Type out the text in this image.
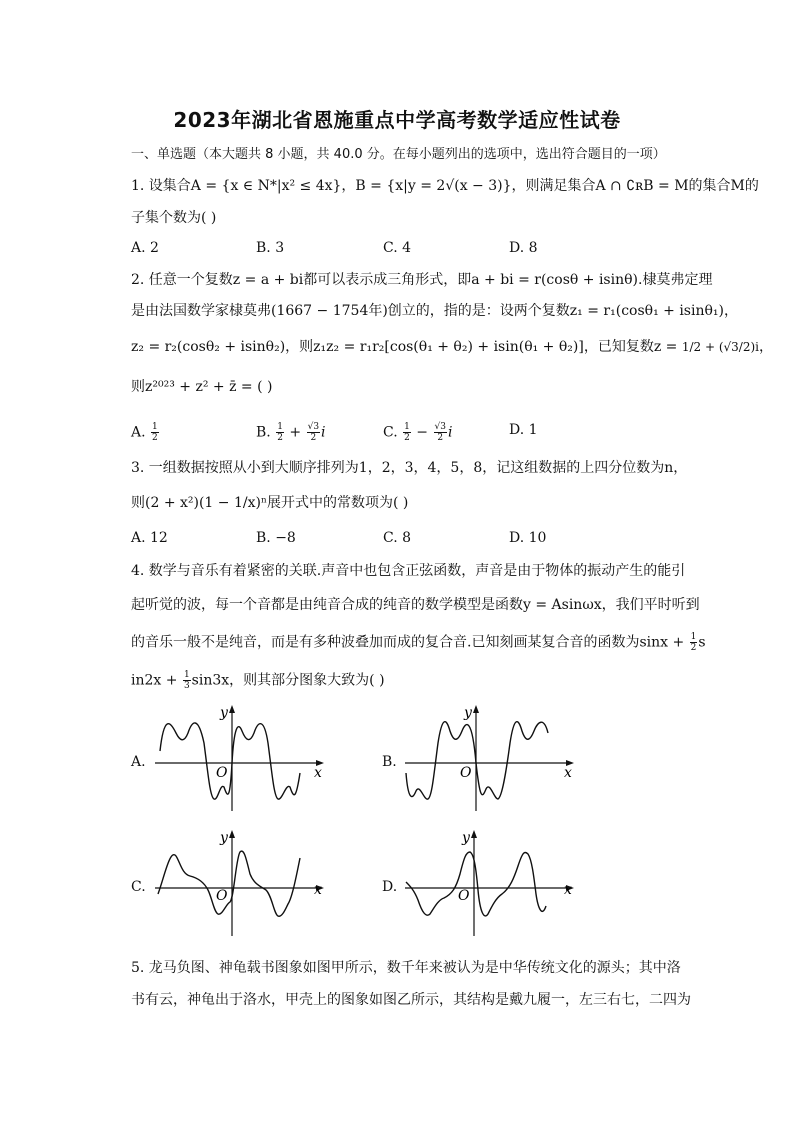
2023年湖北省恩施重点中学高考数学适应性试卷
一、单选题（本大题共 8 小题，共 40.0 分。在每小题列出的选项中，选出符合题目的一项）
1. 设集合A = {x ∈ N*|x² ≤ 4x}，B = {x|y = 2√(x − 3)}，则满足集合A ∩ ∁ʀB = M的集合M的
子集个数为( )
A. 2	B. 3	C. 4	D. 8
2. 任意一个复数z = a + bi都可以表示成三角形式，即a + bi = r(cosθ + isinθ).棣莫弗定理
是由法国数学家棣莫弗(1667 − 1754年)创立的，指的是：设两个复数z₁ = r₁(cosθ₁ + isinθ₁)，
z₂ = r₂(cosθ₂ + isinθ₂)，则z₁z₂ = r₁r₂[cos(θ₁ + θ₂) + isin(θ₁ + θ₂)]，已知复数z = 1/2 + (√3/2)i，
则z²⁰²³ + z² + z̄ = ( )
A. $\frac{1}{2}$	B. $\frac{1}{2} + \frac{√3}{2}$ i	C. $\frac{1}{2} - \frac{√3}{2}$ i	D. 1
3. 一组数据按照从小到大顺序排列为1，2，3，4，5，8，记这组数据的上四分位数为n，
则(2 + x²)(1 − 1/x)ⁿ展开式中的常数项为( )
A. 12	B. −8	C. 8	D. 10
4. 数学与音乐有着紧密的关联.声音中也包含正弦函数，声音是由于物体的振动产生的能引
起听觉的波，每一个音都是由纯音合成的纯音的数学模型是函数y = Asinωx，我们平时听到
的音乐一般不是纯音，而是有多种波叠加而成的复合音.已知刻画某复合音的函数为$\sin x + \frac{1}{2}$ s
$in2x + \frac{1}{3} \sin 3x$，则其部分图象大致为( )
A.
x
y
O
B.
x
y
O
C.	x
y
O
D.	x
y
O
5. 龙马负图、神龟载书图象如图甲所示，数千年来被认为是中华传统文化的源头；其中洛
书有云，神龟出于洛水，甲壳上的图象如图乙所示，其结构是戴九履一，左三右七，二四为
